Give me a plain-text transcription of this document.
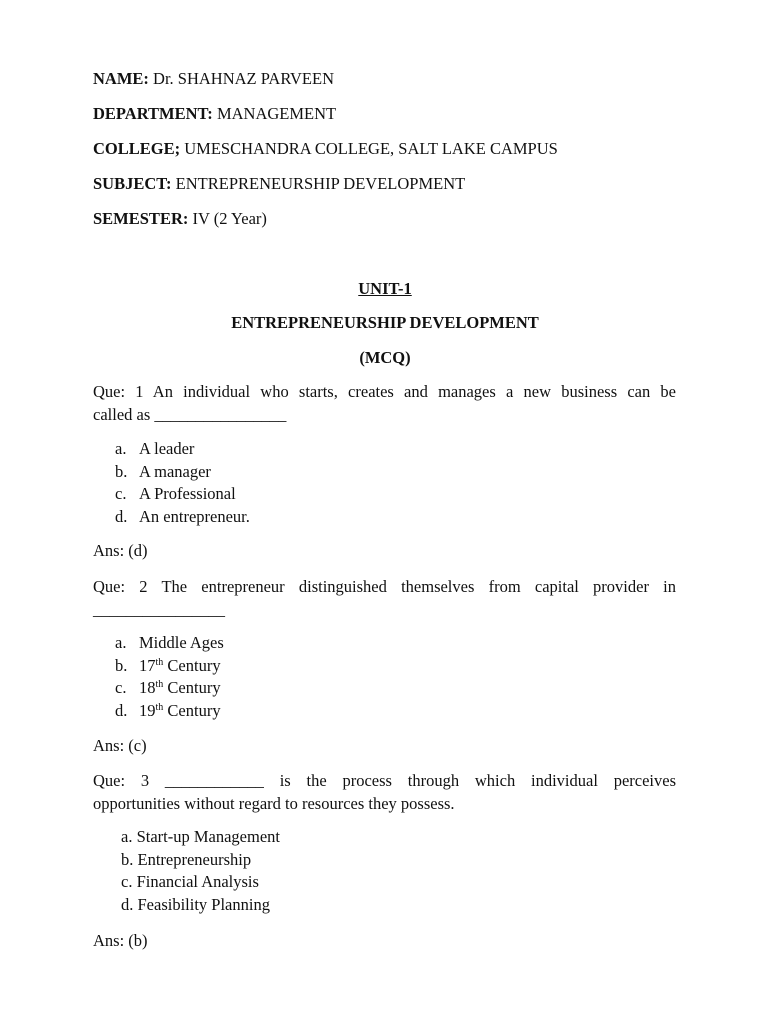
NAME: Dr. SHAHNAZ PARVEEN

DEPARTMENT: MANAGEMENT

COLLEGE; UMESCHANDRA COLLEGE, SALT LAKE CAMPUS

SUBJECT: ENTREPRENEURSHIP DEVELOPMENT

SEMESTER: IV (2 Year)

UNIT-1

ENTREPRENEURSHIP DEVELOPMENT

(MCQ)

Que: 1 An individual who starts, creates and manages a new business can be
called as ________________
a. A leader
b. A manager
c. A Professional
d. An entrepreneur.

Ans: (d)

Que: 2 The entrepreneur distinguished themselves from capital provider in
________________
a. Middle Ages
b. 17th Century
c. 18th Century
d. 19th Century

Ans: (c)

Que: 3 ____________ is the process through which individual perceives
opportunities without regard to resources they possess.
a. Start-up Management
b. Entrepreneurship
c. Financial Analysis
d. Feasibility Planning

Ans: (b)
